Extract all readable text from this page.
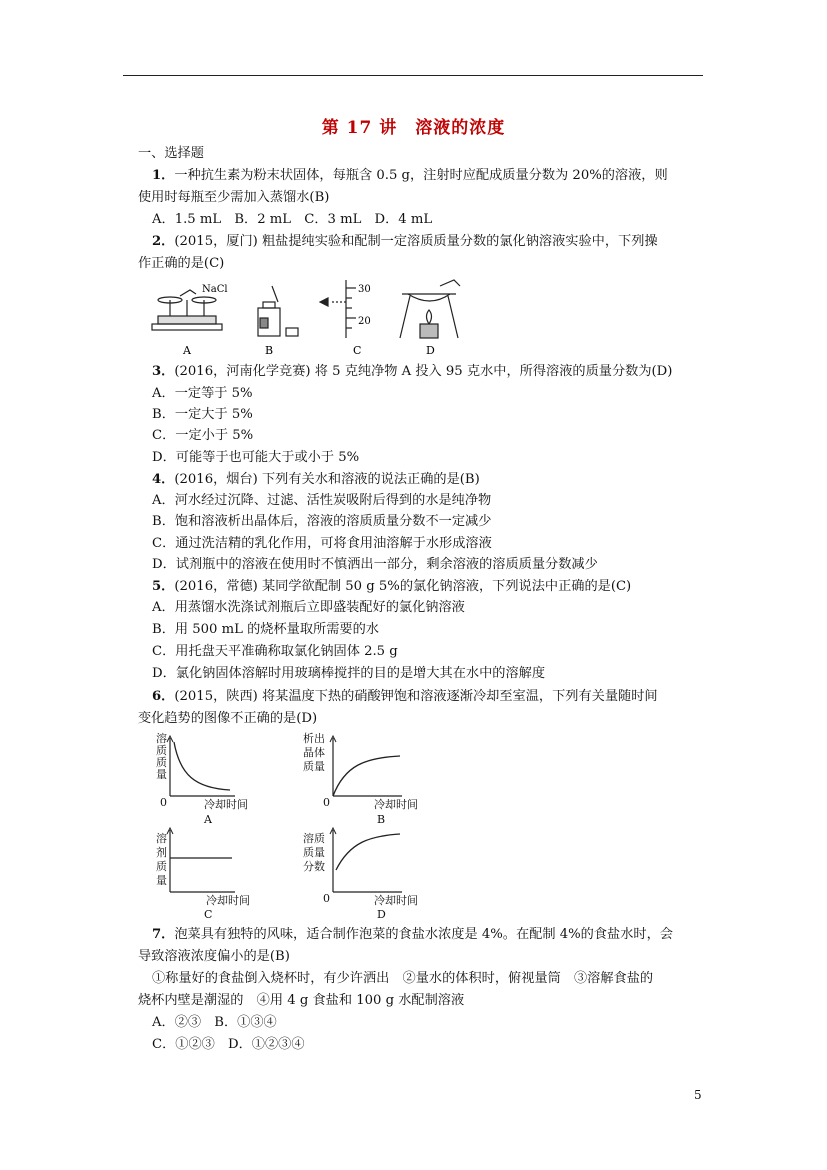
第 17 讲　溶液的浓度
一、选择题
1．一种抗生素为粉末状固体，每瓶含 0.5 g，注射时应配成质量分数为 20%的溶液，则
使用时每瓶至少需加入蒸馏水(B)
A．1.5 mL　B．2 mL　C．3 mL　D．4 mL
2．(2015，厦门) 粗盐提纯实验和配制一定溶质质量分数的氯化钠溶液实验中，下列操
作正确的是(C)
NaCl	30
20
A	B	C	D
3．(2016，河南化学竞赛) 将 5 克纯净物 A 投入 95 克水中，所得溶液的质量分数为(D)
A．一定等于 5%
B．一定大于 5%
C．一定小于 5%
D．可能等于也可能大于或小于 5%
4．(2016，烟台) 下列有关水和溶液的说法正确的是(B)
A．河水经过沉降、过滤、活性炭吸附后得到的水是纯净物
B．饱和溶液析出晶体后，溶液的溶质质量分数不一定减少
C．通过洗洁精的乳化作用，可将食用油溶解于水形成溶液
D．试剂瓶中的溶液在使用时不慎洒出一部分，剩余溶液的溶质质量分数减少
5．(2016，常德) 某同学欲配制 50 g 5%的氯化钠溶液，下列说法中正确的是(C)
A．用蒸馏水洗涤试剂瓶后立即盛装配好的氯化钠溶液
B．用 500 mL 的烧杯量取所需要的水
C．用托盘天平准确称取氯化钠固体 2.5 g
D．氯化钠固体溶解时用玻璃棒搅拌的目的是增大其在水中的溶解度
6．(2015，陕西) 将某温度下热的硝酸钾饱和溶液逐渐冷却至室温，下列有关量随时间
变化趋势的图像不正确的是(D)
溶
质
质
量
0	冷却时间
A
析出
晶体
质量
0	冷却时间
B
溶
剂
质
量
冷却时间
C
溶质
质量
分数
0	冷却时间
D
7．泡菜具有独特的风味，适合制作泡菜的食盐水浓度是 4%。在配制 4%的食盐水时，会
导致溶液浓度偏小的是(B)
①称量好的食盐倒入烧杯时，有少许洒出　②量水的体积时，俯视量筒　③溶解食盐的
烧杯内壁是潮湿的　④用 4 g 食盐和 100 g 水配制溶液
A．②③　B．①③④
C．①②③　D．①②③④
5
